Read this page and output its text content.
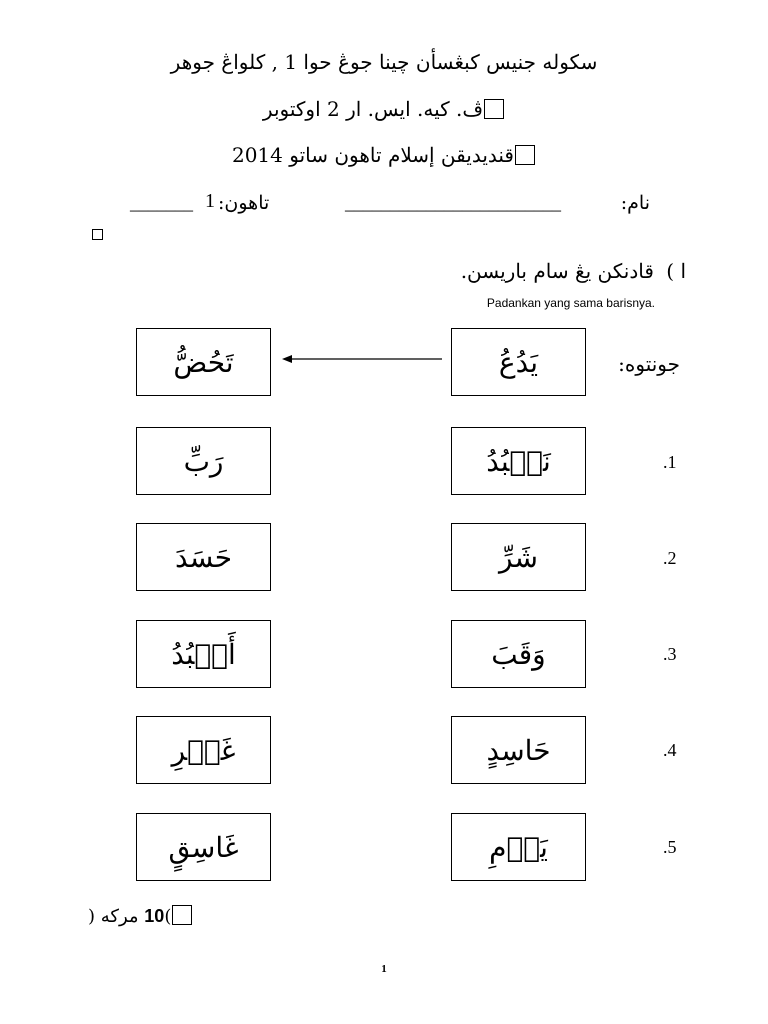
سکوله جنيس کبڠسأن چينا جوڠ حوا 1 , کلواڠ جوهر
ڤ. کيه. ايس. ار 2 اوکتوبر
قنديديقن إسلام تاهون ساتو 2014
نام:
________________________
تاهون:
1
_______
قادنکن يڠ سام باريسن. ا )
Padankan yang sama barisnya.
جونتوه:
يَدُعُ
تَحُضُّ
.1
نَعۡبُدُ
رَبِّ
.2
شَرِّ
حَسَدَ
.3
وَقَبَ
أَعۡبُدُ
.4
حَاسِدٍ
غَيۡرِ
.5
يَوۡمِ
غَاسِقٍ
) مرکه 10(
1
